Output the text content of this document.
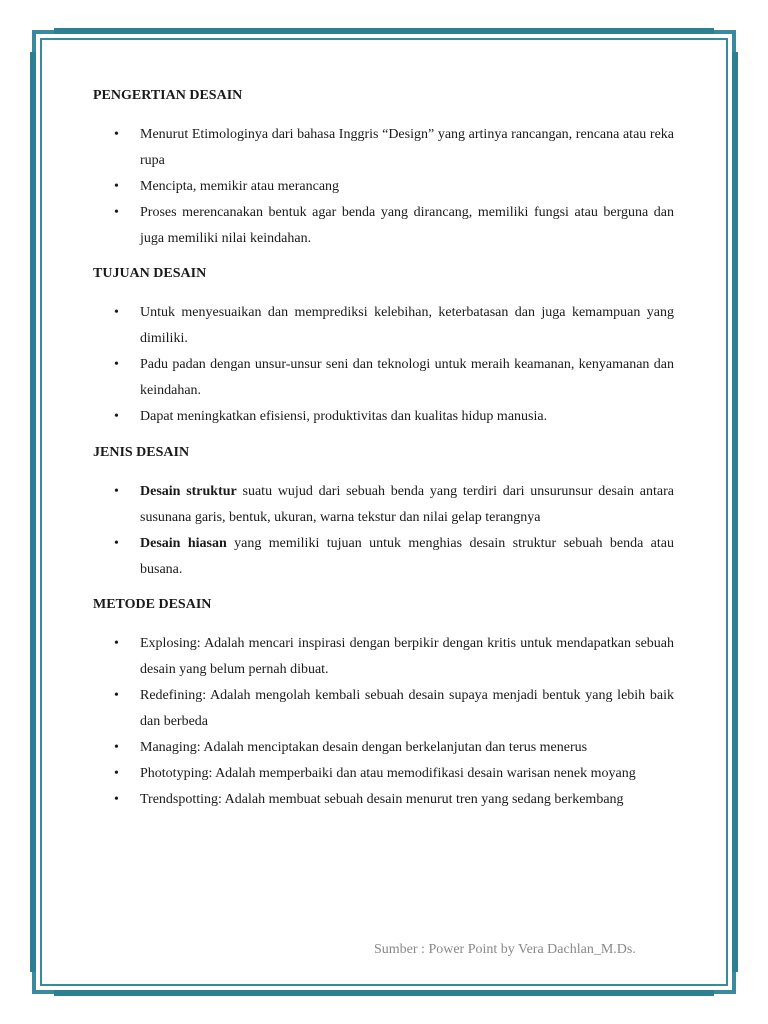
PENGERTIAN DESAIN
• Menurut Etimologinya dari bahasa Inggris “Design” yang artinya rancangan, rencana atau reka rupa
• Mencipta, memikir atau merancang
• Proses merencanakan bentuk agar benda yang dirancang, memiliki fungsi atau berguna dan juga memiliki nilai keindahan.
TUJUAN DESAIN
• Untuk menyesuaikan dan memprediksi kelebihan, keterbatasan dan juga kemampuan yang dimiliki.
• Padu padan dengan unsur-unsur seni dan teknologi untuk meraih keamanan, kenyamanan dan keindahan.
• Dapat meningkatkan efisiensi, produktivitas dan kualitas hidup manusia.
JENIS DESAIN
• Desain struktur suatu wujud dari sebuah benda yang terdiri dari unsurunsur desain antara susunana garis, bentuk, ukuran, warna tekstur dan nilai gelap terangnya
• Desain hiasan yang memiliki tujuan untuk menghias desain struktur sebuah benda atau busana.
METODE DESAIN
• Explosing: Adalah mencari inspirasi dengan berpikir dengan kritis untuk mendapatkan sebuah desain yang belum pernah dibuat.
• Redefining: Adalah mengolah kembali sebuah desain supaya menjadi bentuk yang lebih baik dan berbeda
• Managing: Adalah menciptakan desain dengan berkelanjutan dan terus menerus
• Phototyping: Adalah memperbaiki dan atau memodifikasi desain warisan nenek moyang
• Trendspotting: Adalah membuat sebuah desain menurut tren yang sedang berkembang
Sumber : Power Point by Vera Dachlan_M.Ds.
